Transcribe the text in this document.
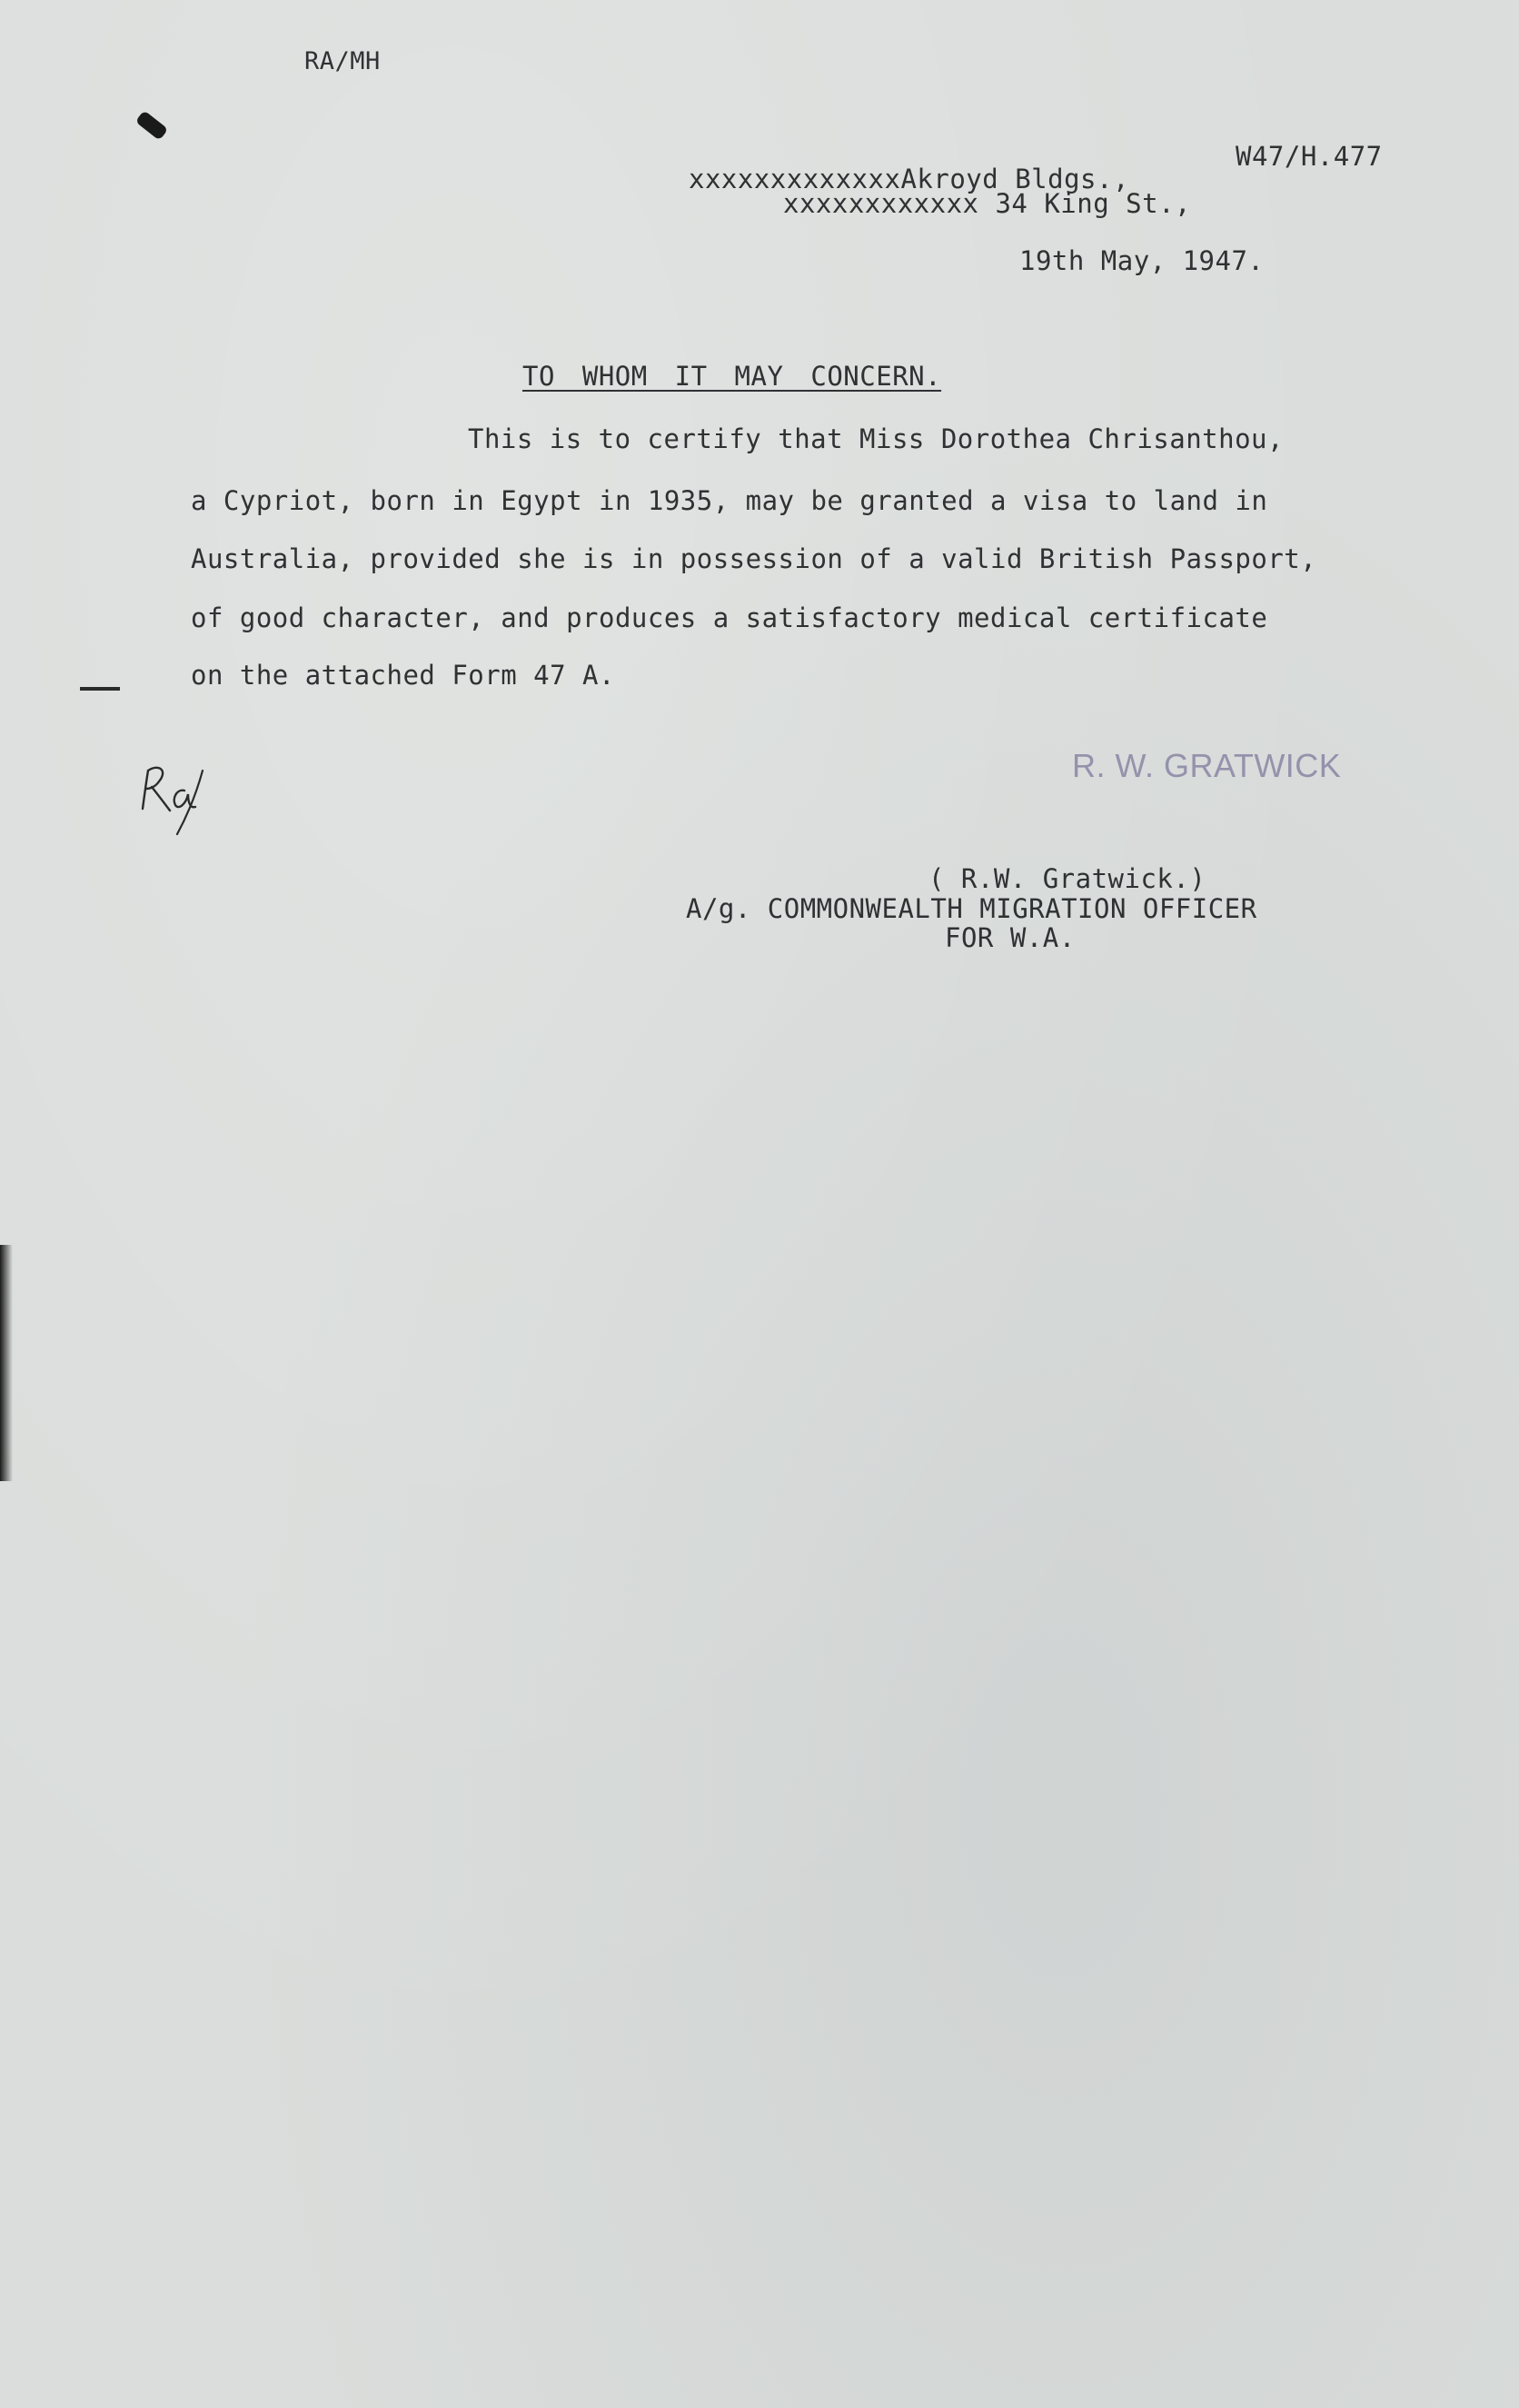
RA/MH
W47/H.477
xxxxxxxxxxxxxAkroyd Bldgs.,
xxxxxxxxxxxx 34 King St.,
19th May, 1947.
TO WHOM IT MAY CONCERN.
This is to certify that Miss Dorothea Chrisanthou,
a Cypriot, born in Egypt in 1935, may be granted a visa to land in
Australia, provided she is in possession of a valid British Passport,
of good character, and produces a satisfactory medical certificate
on the attached Form 47 A.
R. W. GRATWICK
( R.W. Gratwick.)
A/g. COMMONWEALTH MIGRATION OFFICER
FOR W.A.
